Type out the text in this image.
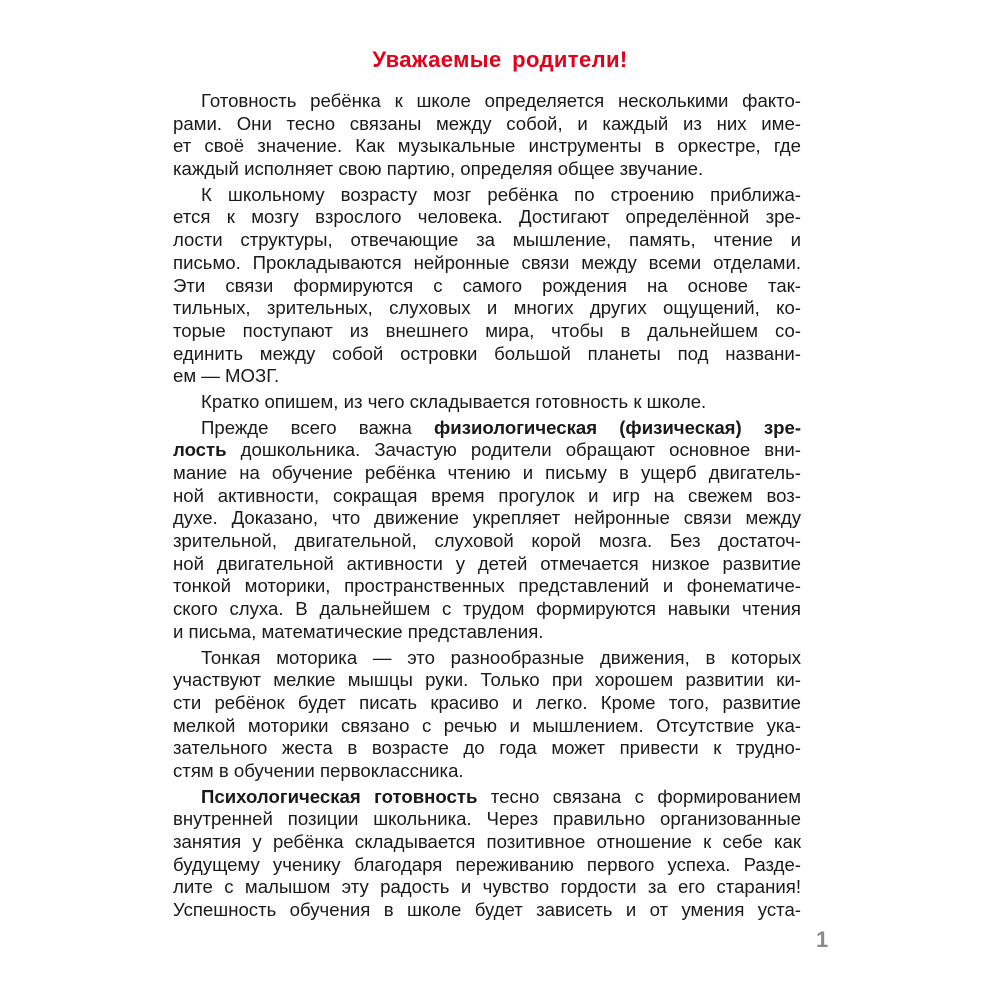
Уважаемые родители!
Готовность ребёнка к школе определяется несколькими факто-
рами. Они тесно связаны между собой, и каждый из них име-
ет своё значение. Как музыкальные инструменты в оркестре, где
каждый исполняет свою партию, определяя общее звучание.
К школьному возрасту мозг ребёнка по строению приближа-
ется к мозгу взрослого человека. Достигают определённой зре-
лости структуры, отвечающие за мышление, память, чтение и
письмо. Прокладываются нейронные связи между всеми отделами.
Эти связи формируются с самого рождения на основе так-
тильных, зрительных, слуховых и многих других ощущений, ко-
торые поступают из внешнего мира, чтобы в дальнейшем со-
единить между собой островки большой планеты под названи-
ем — МОЗГ.
Кратко опишем, из чего складывается готовность к школе.
Прежде всего важна физиологическая (физическая) зре-
лость дошкольника. Зачастую родители обращают основное вни-
мание на обучение ребёнка чтению и письму в ущерб двигатель-
ной активности, сокращая время прогулок и игр на свежем воз-
духе. Доказано, что движение укрепляет нейронные связи между
зрительной, двигательной, слуховой корой мозга. Без достаточ-
ной двигательной активности у детей отмечается низкое развитие
тонкой моторики, пространственных представлений и фонематиче-
ского слуха. В дальнейшем с трудом формируются навыки чтения
и письма, математические представления.
Тонкая моторика — это разнообразные движения, в которых
участвуют мелкие мышцы руки. Только при хорошем развитии ки-
сти ребёнок будет писать красиво и легко. Кроме того, развитие
мелкой моторики связано с речью и мышлением. Отсутствие ука-
зательного жеста в возрасте до года может привести к трудно-
стям в обучении первоклассника.
Психологическая готовность тесно связана с формированием
внутренней позиции школьника. Через правильно организованные
занятия у ребёнка складывается позитивное отношение к себе как
будущему ученику благодаря переживанию первого успеха. Разде-
лите с малышом эту радость и чувство гордости за его старания!
Успешность обучения в школе будет зависеть и от умения уста-

1
